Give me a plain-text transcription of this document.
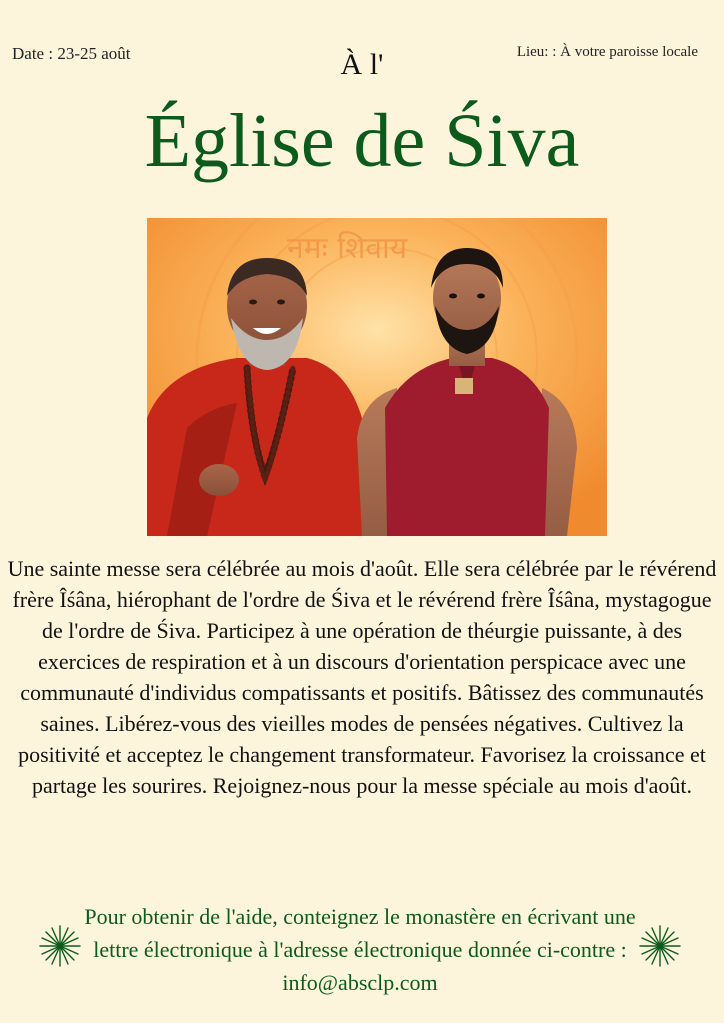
Date : 23-25 août	Lieu: : À votre paroisse locale
À l'
Église de Śiva
नमः शिवाय

Une sainte messe sera célébrée au mois d'août. Elle sera célébrée par le révérend frère Îśâna, hiérophant de l'ordre de Śiva et le révérend frère Îśâna, mystagogue de l'ordre de Śiva. Participez à une opération de théurgie puissante, à des exercices de respiration et à un discours d'orientation perspicace avec une communauté d'individus compatissants et positifs. Bâtissez des communautés saines. Libérez-vous des vieilles modes de pensées négatives. Cultivez la positivité et acceptez le changement transformateur. Favorisez la croissance et partage les sourires. Rejoignez-nous pour la messe spéciale au mois d'août.

Pour obtenir de l'aide, conteignez le monastère en écrivant une lettre électronique à l'adresse électronique donnée ci-contre : info@absclp.com
